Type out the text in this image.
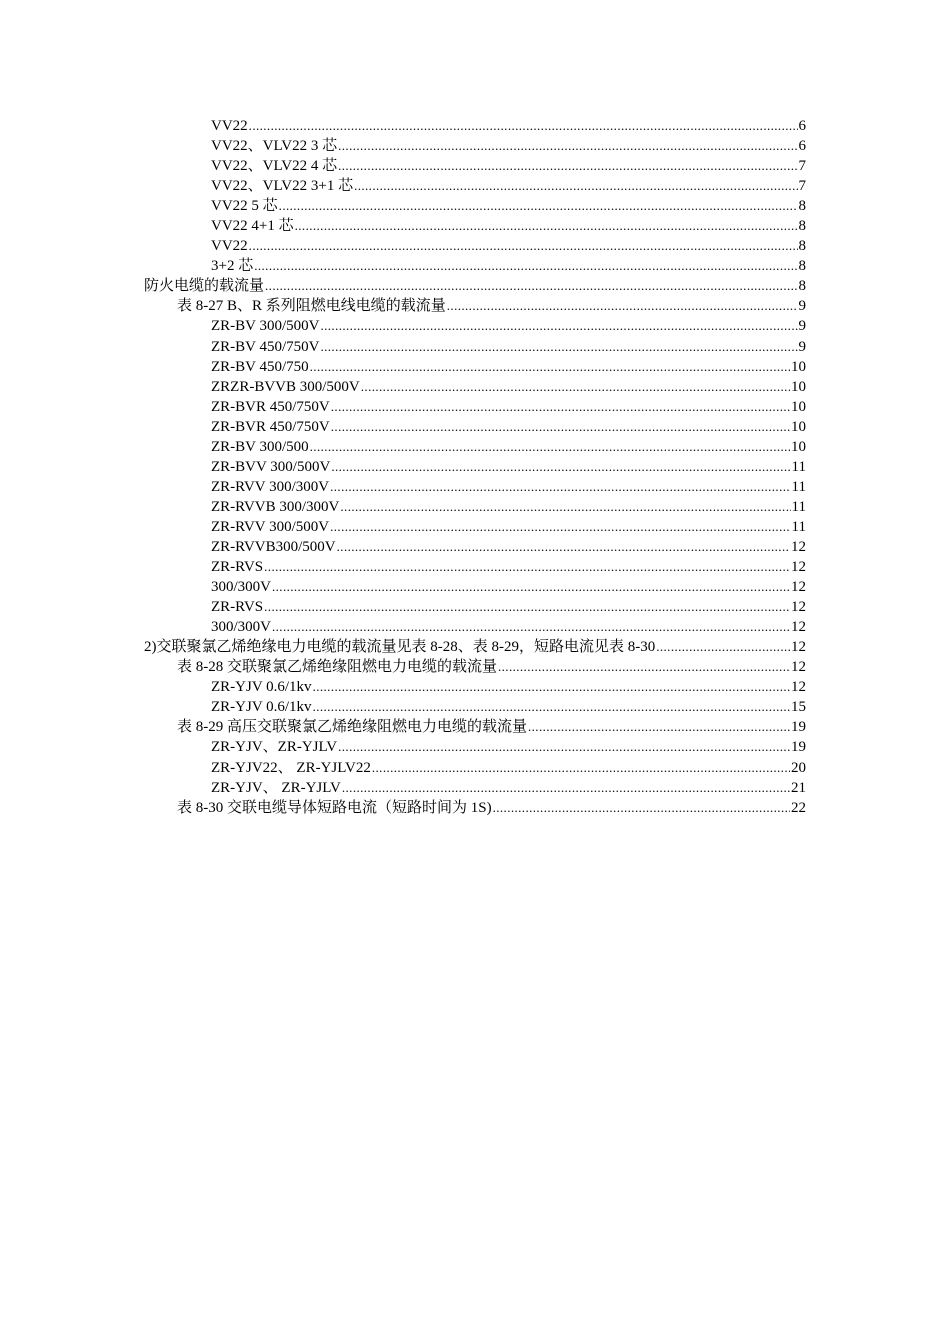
VV22 .....	6
VV22、VLV22 3 芯 .....	6
VV22、VLV22 4 芯 .....	7
VV22、VLV22 3+1 芯 .....	7
VV22 5 芯 .....	8
VV22 4+1 芯 .....	8
VV22 .....	8
3+2 芯 .....	8
防火电缆的载流量 .....	8
表 8-27 B、R 系列阻燃电线电缆的载流量 .....	9
ZR-BV 300/500V .....	9
ZR-BV 450/750V .....	9
ZR-BV 450/750 .....	10
ZRZR-BVVB 300/500V .....	10
ZR-BVR 450/750V .....	10
ZR-BVR 450/750V .....	10
ZR-BV 300/500 .....	10
ZR-BVV 300/500V .....	11
ZR-RVV 300/300V .....	11
ZR-RVVB 300/300V .....	11
ZR-RVV 300/500V .....	11
ZR-RVVB300/500V .....	12
ZR-RVS .....	12
300/300V .....	12
ZR-RVS .....	12
300/300V .....	12
2)交联聚氯乙烯绝缘电力电缆的载流量见表 8-28、表 8-29，短路电流见表 8-30 .....	12
表 8-28 交联聚氯乙烯绝缘阻燃电力电缆的载流量 .....	12
ZR-YJV 0.6/1kv .....	12
ZR-YJV 0.6/1kv .....	15
表 8-29 高压交联聚氯乙烯绝缘阻燃电力电缆的载流量 .....	19
ZR-YJV、ZR-YJLV .....	19
ZR-YJV22、 ZR-YJLV22 .....	20
ZR-YJV、 ZR-YJLV .....	21
表 8-30 交联电缆导体短路电流（短路时间为 1S) .....	22
